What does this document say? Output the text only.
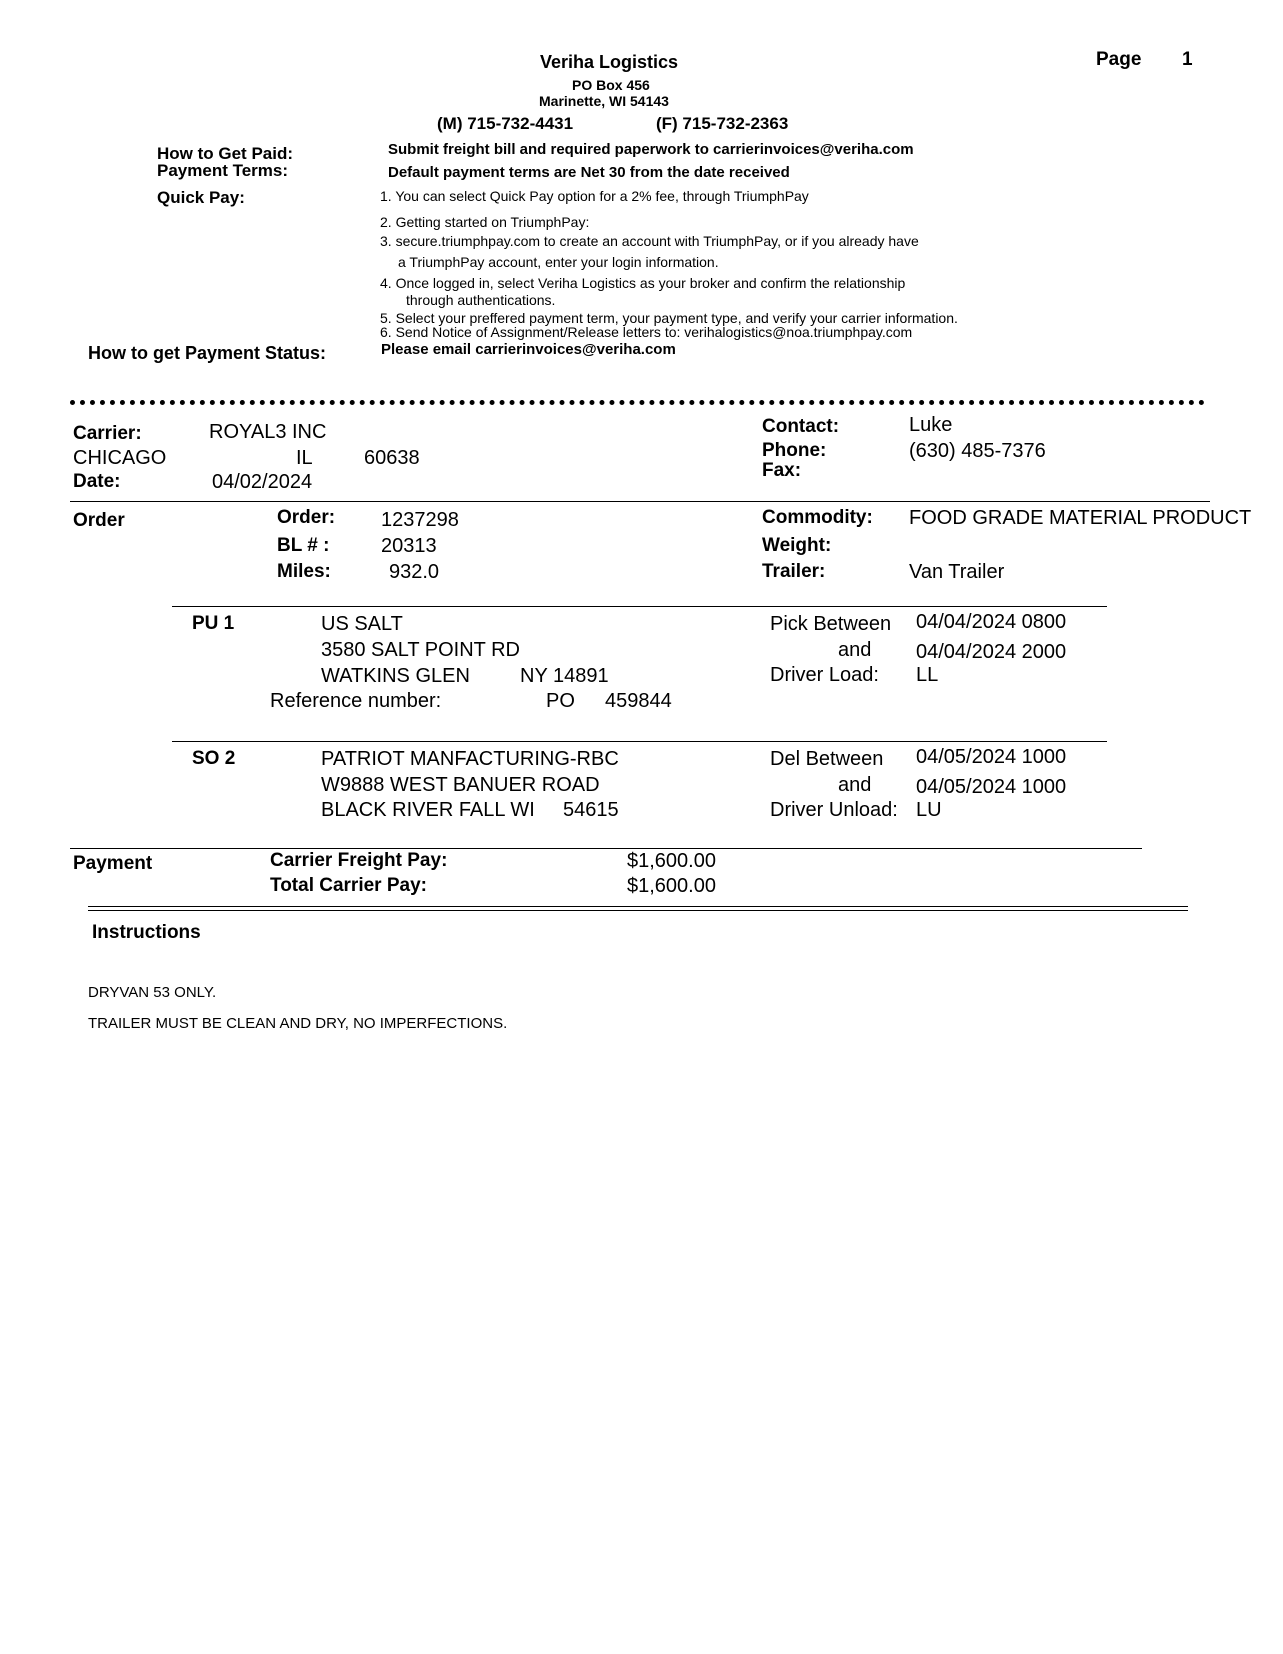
Veriha Logistics
PO Box 456
Marinette, WI 54143
(M) 715-732-4431	(F) 715-732-2363
Page 1
How to Get Paid:	Submit freight bill and required paperwork to carrierinvoices@veriha.com
Payment Terms:	Default payment terms are Net 30 from the date received
Quick Pay:	1. You can select Quick Pay option for a 2% fee, through TriumphPay
2. Getting started on TriumphPay:
3. secure.triumphpay.com to create an account with TriumphPay, or if you already have
a TriumphPay account, enter your login information.
4. Once logged in, select Veriha Logistics as your broker and confirm the relationship
through authentications.
5. Select your preffered payment term, your payment type, and verify your carrier information.
6. Send Notice of Assignment/Release letters to: verihalogistics@noa.triumphpay.com
How to get Payment Status:	Please email carrierinvoices@veriha.com
Carrier:	ROYAL3 INC
CHICAGO	IL	60638
Date:	04/02/2024
Contact:	Luke
Phone:	(630) 485-7376
Fax:
Order	Order: 1237298
BL # :	20313
Miles:	932.0
Commodity: FOOD GRADE MATERIAL PRODUCT
Weight:
Trailer:	Van Trailer
PU 1	US SALT
3580 SALT POINT RD
WATKINS GLEN	NY 14891
Reference number:	PO 459844
Pick Between 04/04/2024 0800
and 04/04/2024 2000
Driver Load: LL
SO 2	PATRIOT MANFACTURING-RBC
W9888 WEST BANUER ROAD
BLACK RIVER FALL WI 54615
Del Between 04/05/2024 1000
and 04/05/2024 1000
Driver Unload: LU
Payment	Carrier Freight Pay:	$1,600.00
Total Carrier Pay:	$1,600.00
Instructions
DRYVAN 53 ONLY.
TRAILER MUST BE CLEAN AND DRY, NO IMPERFECTIONS.
